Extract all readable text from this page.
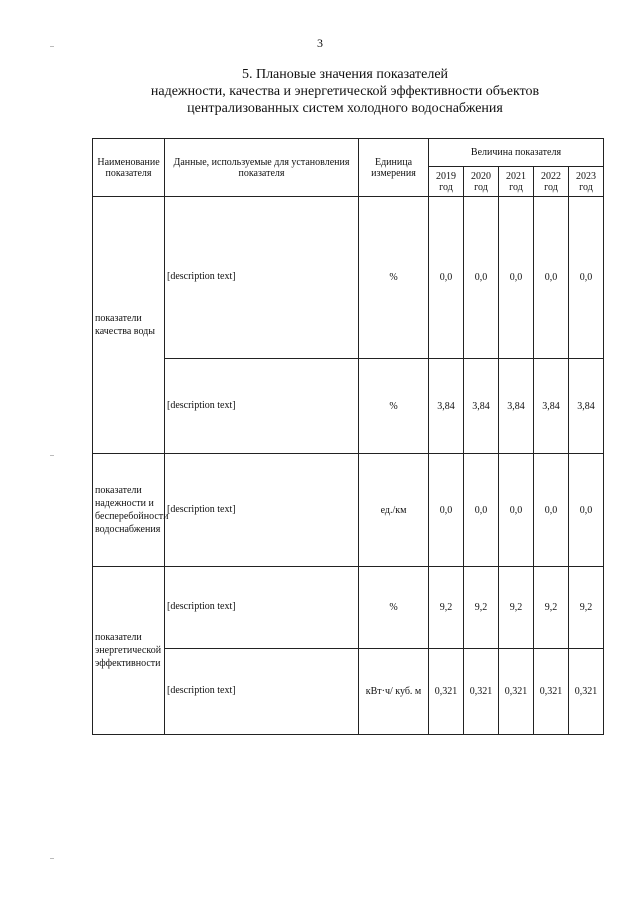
3
5. Плановые значения показателей
надежности, качества и энергетической эффективности объектов
централизованных систем холодного водоснабжения
Наименование показателя	Данные, используемые для установления показателя	Единица измерения	Величина показателя				
			2019 год	2020 год	2021 год	2022 год	2023 год
показатели качества воды	[description text]	%	0,0	0,0	0,0	0,0	0,0
	[description text]	%	3,84	3,84	3,84	3,84	3,84
показатели надежности и бесперебойности водоснабжения	[description text]	ед./км	0,0	0,0	0,0	0,0	0,0
показатели энергетической эффективности	[description text]	%	9,2	9,2	9,2	9,2	9,2
	[description text]	кВт·ч/ куб. м	0,321	0,321	0,321	0,321	0,321
